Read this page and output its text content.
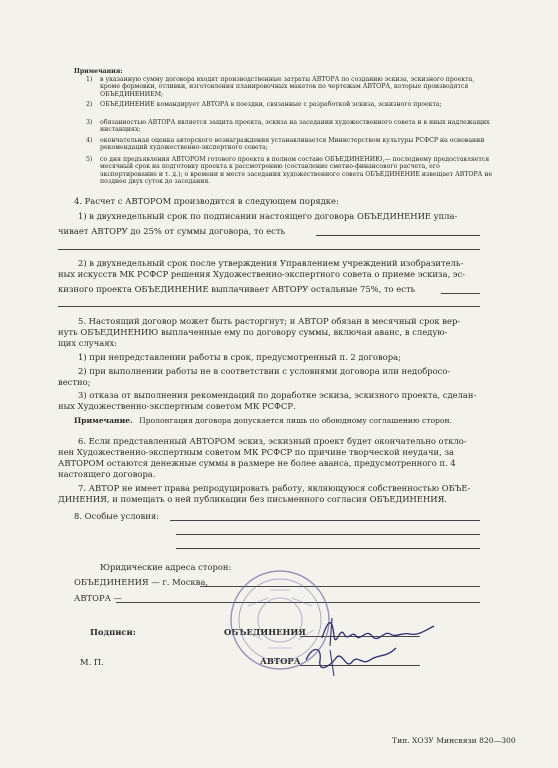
Примечания:
1) в указанную сумму договора входят производственные затраты АВТОРА по созданию эскиза, эскизного проекта, кроме формовки, отливки, изготовления планировочных макетов по чертежам АВТОРА, которые производятся ОБЪЕДИНЕНИЕМ;
2) ОБЪЕДИНЕНИЕ командирует АВТОРА в поездки, связанные с разработкой эскиза, эскизного проекта;
3) обязанностью АВТОРА является защита проекта, эскиза на заседании художественного совета и в иных надлежащих инстанциях;
4) окончательная оценка авторского вознаграждения устанавливается Министерством культуры РСФСР на основании рекомендаций художественно-экспертного совета;
5) со дня предъявления АВТОРОМ готового проекта в полном составе ОБЪЕДИНЕНИЮ,— последнему предоставляется месячный срок на подготовку проекта к рассмотрению (составление сметно-финансового расчета, его экспертирование и т. д.); о времени и месте заседания художественного совета ОБЪЕДИНЕНИЕ извещает АВТОРА не позднее двух суток до заседания.
4. Расчет с АВТОРОМ производится в следующем порядке:
1) в двухнедельный срок по подписании настоящего договора ОБЪЕДИНЕНИЕ упла-
чивает АВТОРУ до 25% от суммы договора, то есть
2) в двухнедельный срок после утверждения Управлением учреждений изобразитель-
ных искусств МК РСФСР решения Художественно-экспертного совета о приеме эскиза, эс-
кизного проекта ОБЪЕДИНЕНИЕ выплачивает АВТОРУ остальные 75%, то есть
5. Настоящий договор может быть расторгнут; и АВТОР обязан в месячный срок вер-
нуть ОБЪЕДИНЕНИЮ выплаченные ему по договору суммы, включая аванс, в следую-
щих случаях:
1) при непредставлении работы в срок, предусмотренный п. 2 договора;
2) при выполнении работы не в соответствии с условиями договора или недобросо-
вестно;
3) отказа от выполнения рекомендаций по доработке эскиза, эскизного проекта, сделан-
ных Художественно-экспертным советом МК РСФСР.
Примечание. Пролонгация договора допускается лишь по обоюдному соглашению сторон.
6. Если представленный АВТОРОМ эскиз, эскизный проект будет окончательно откло-
нен Художественно-экспертным советом МК РСФСР по причине творческой неудачи, за
АВТОРОМ остаются денежные суммы в размере не более аванса, предусмотренного п. 4
настоящего договора.
7. АВТОР не имеет права репродуцировать работу, являющуюся собственностью ОБЪЕ-
ДИНЕНИЯ, и помещать о ней публикации без письменного согласия ОБЪЕДИНЕНИЯ.
8. Особые условия:
Юридические адреса сторон:
ОБЪЕДИНЕНИЯ — г. Москва,
АВТОРА —
Подписи:	ОБЪЕДИНЕНИЯ
АВТОРА
М. П.
Тип. ХОЗУ Минсвязи 820—300
